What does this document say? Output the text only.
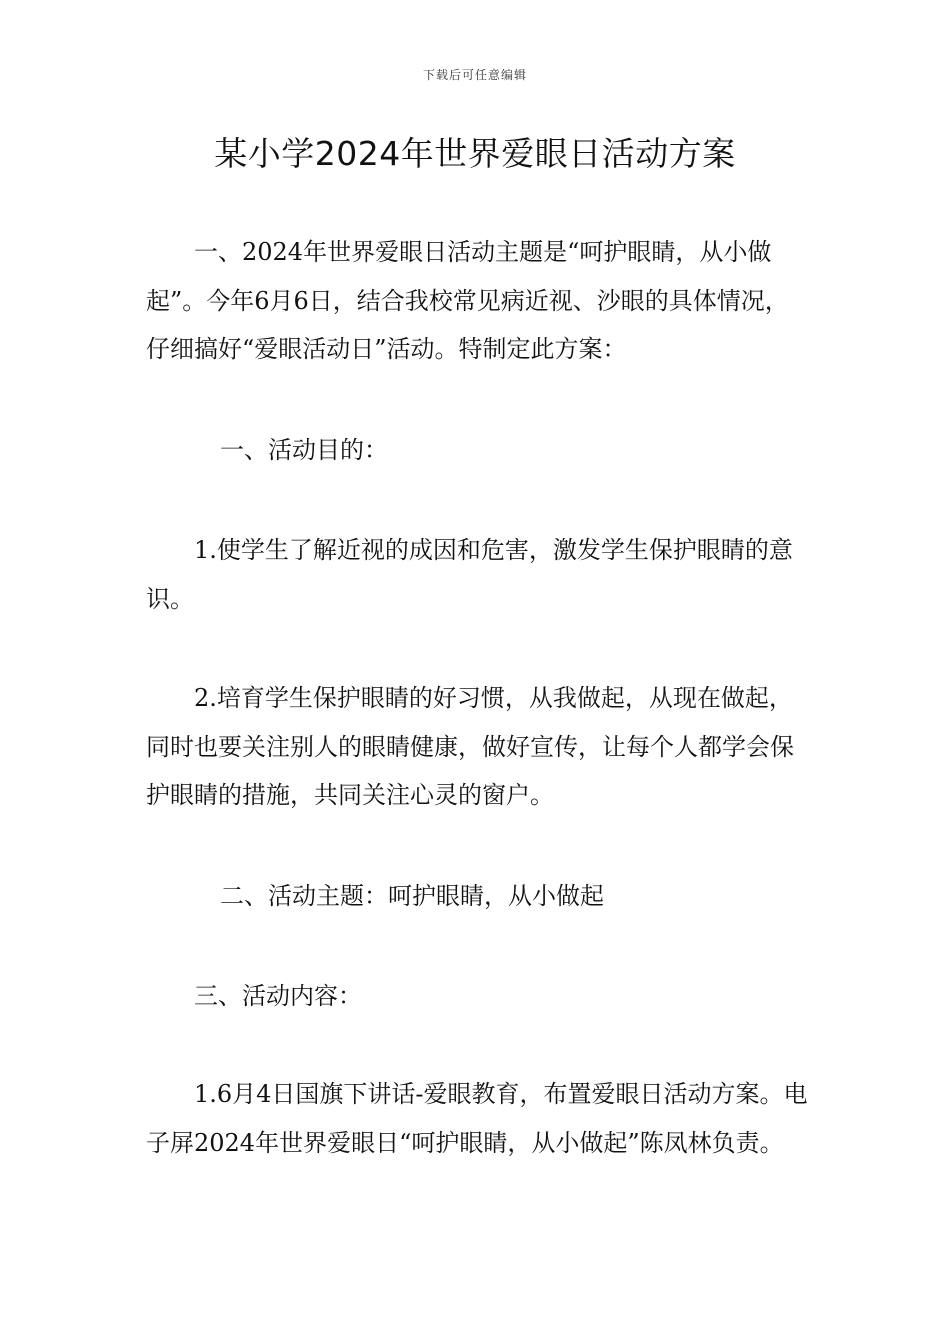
下载后可任意编辑
某小学2024年世界爱眼日活动方案

一、2024年世界爱眼日活动主题是“呵护眼睛，从小做起”。今年6月6日，结合我校常见病近视、沙眼的具体情况，仔细搞好“爱眼活动日”活动。特制定此方案：

一、活动目的：

1.使学生了解近视的成因和危害，激发学生保护眼睛的意识。

2.培育学生保护眼睛的好习惯，从我做起，从现在做起，同时也要关注别人的眼睛健康，做好宣传，让每个人都学会保护眼睛的措施，共同关注心灵的窗户。

二、活动主题：呵护眼睛，从小做起

三、活动内容：

1.6月4日国旗下讲话-爱眼教育，布置爱眼日活动方案。电子屏2024年世界爱眼日“呵护眼睛，从小做起”陈凤林负责。
